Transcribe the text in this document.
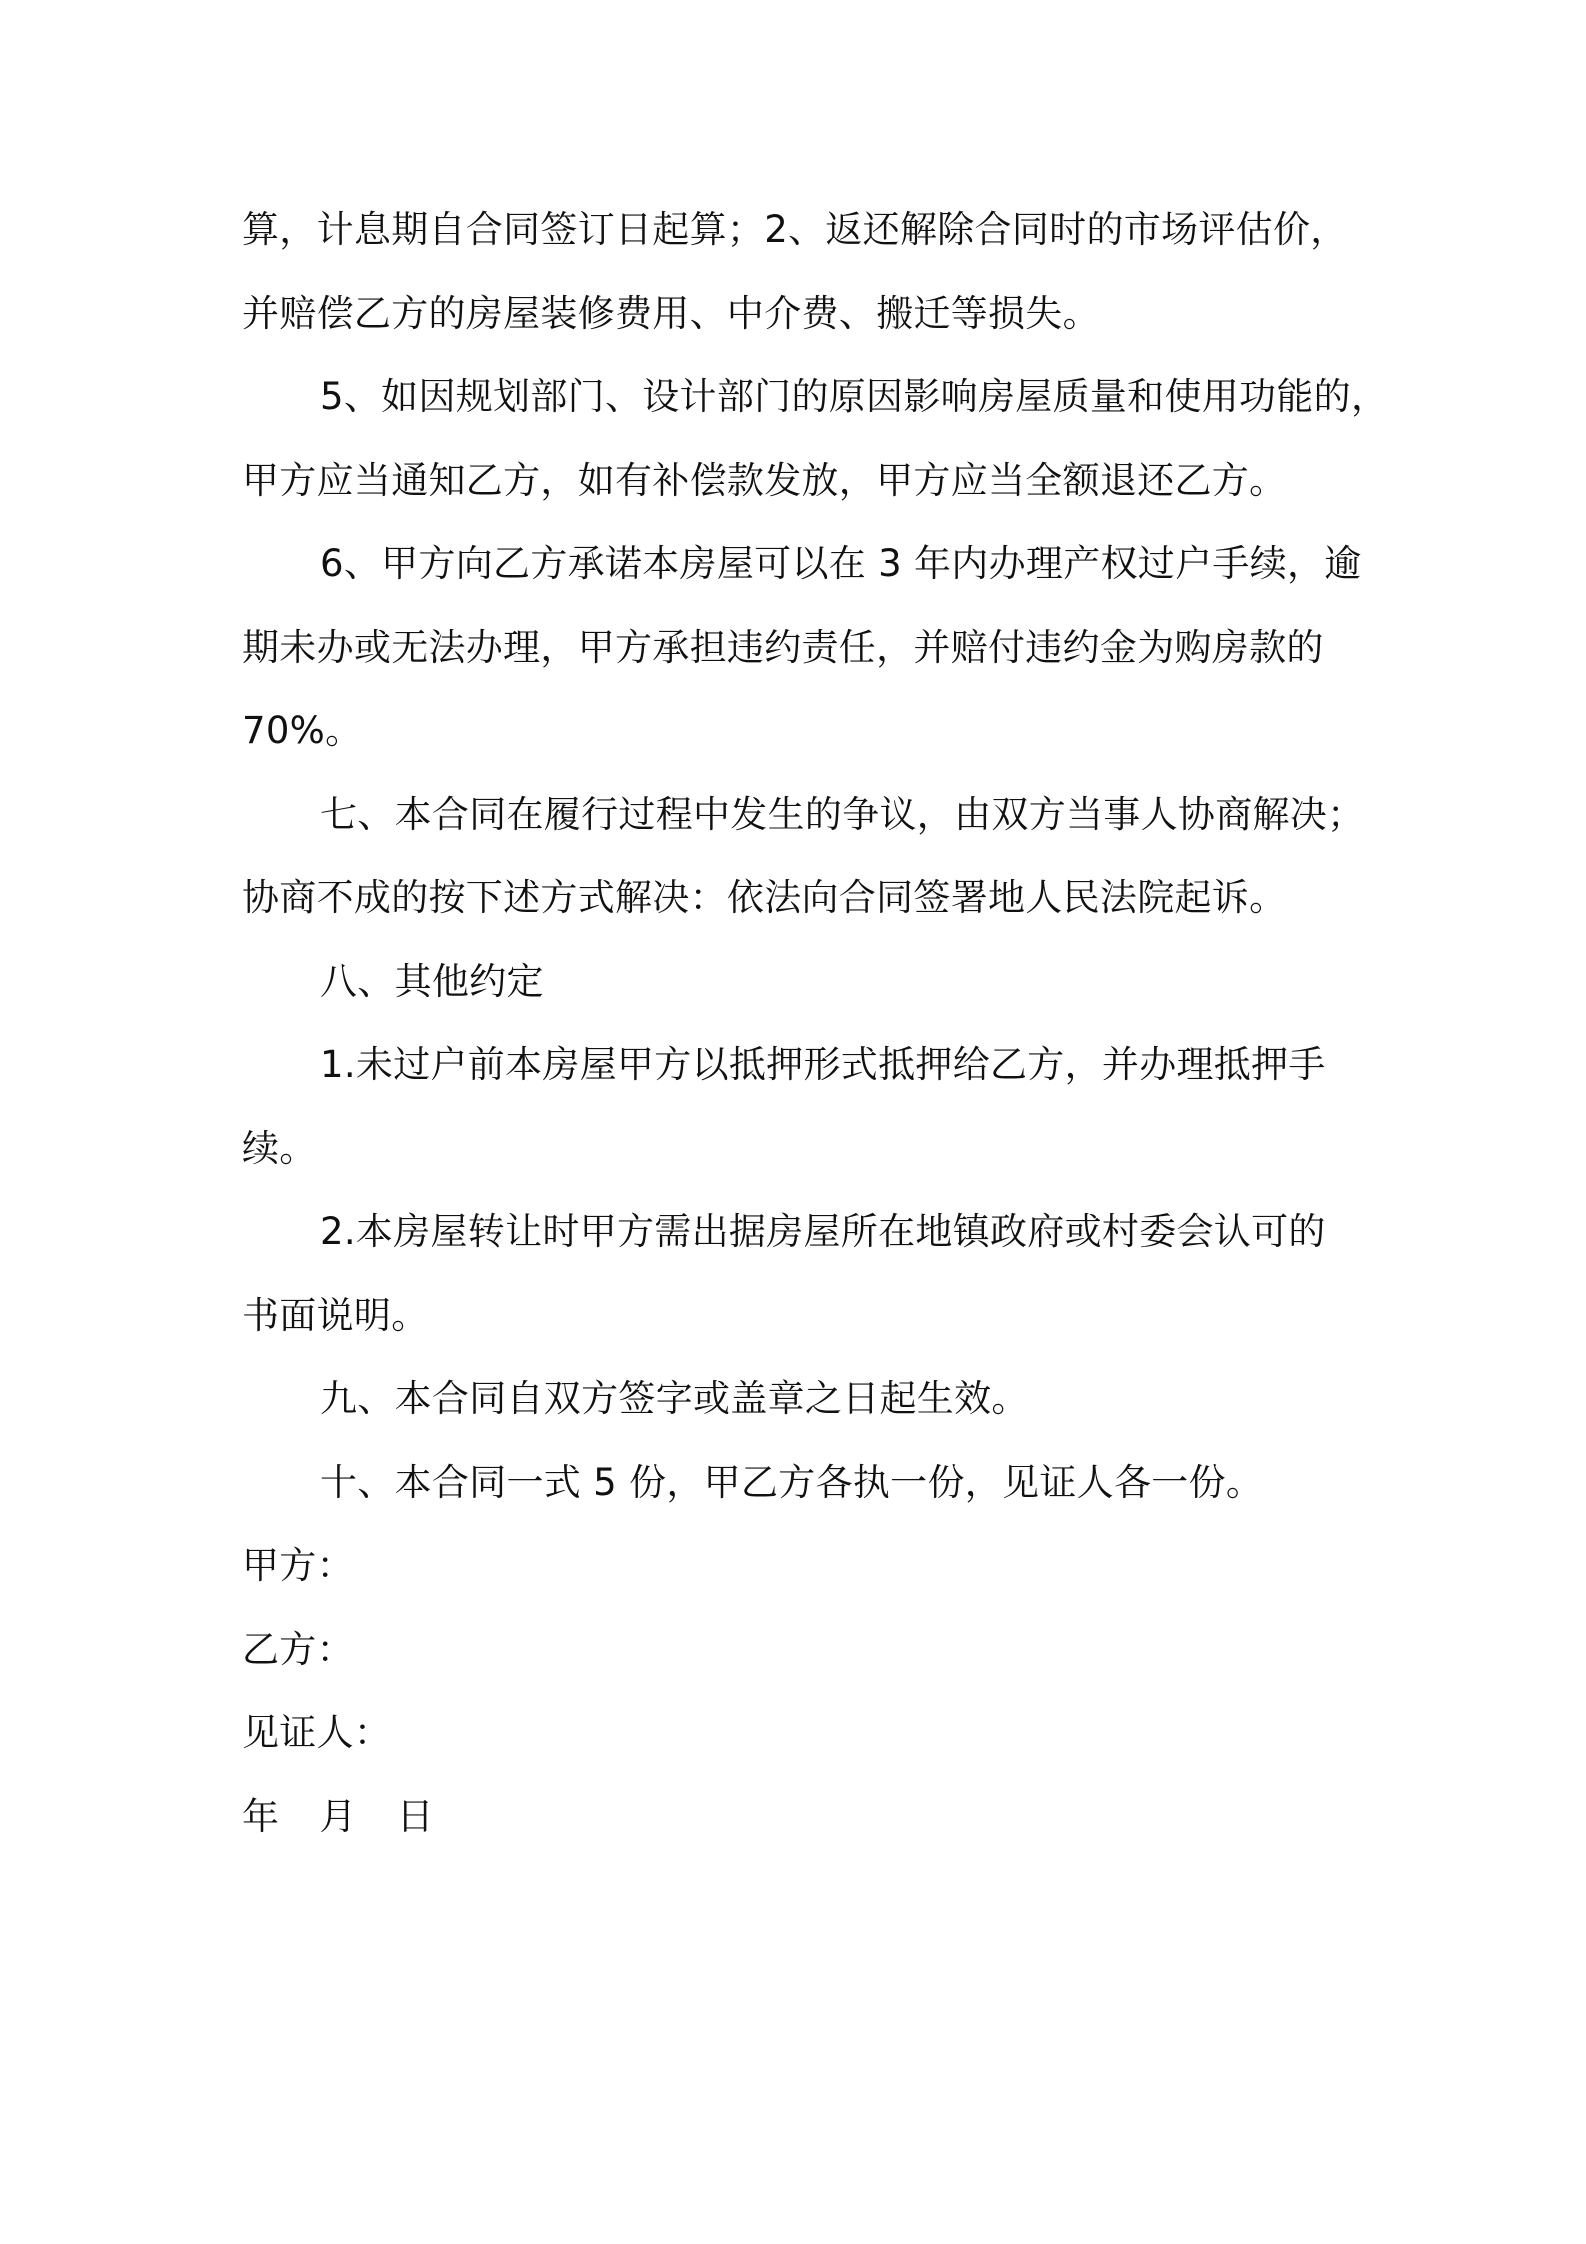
算，计息期自合同签订日起算；2、返还解除合同时的市场评估价，
并赔偿乙方的房屋装修费用、中介费、搬迁等损失。
5、如因规划部门、设计部门的原因影响房屋质量和使用功能的，
甲方应当通知乙方，如有补偿款发放，甲方应当全额退还乙方。
6、甲方向乙方承诺本房屋可以在 3 年内办理产权过户手续，逾
期未办或无法办理，甲方承担违约责任，并赔付违约金为购房款的
70%。
七、本合同在履行过程中发生的争议，由双方当事人协商解决；
协商不成的按下述方式解决：依法向合同签署地人民法院起诉。
八、其他约定
1.未过户前本房屋甲方以抵押形式抵押给乙方，并办理抵押手
续。
2.本房屋转让时甲方需出据房屋所在地镇政府或村委会认可的
书面说明。
九、本合同自双方签字或盖章之日起生效。
十、本合同一式 5 份，甲乙方各执一份，见证人各一份。
甲方：
乙方：
见证人：
年 月 日
